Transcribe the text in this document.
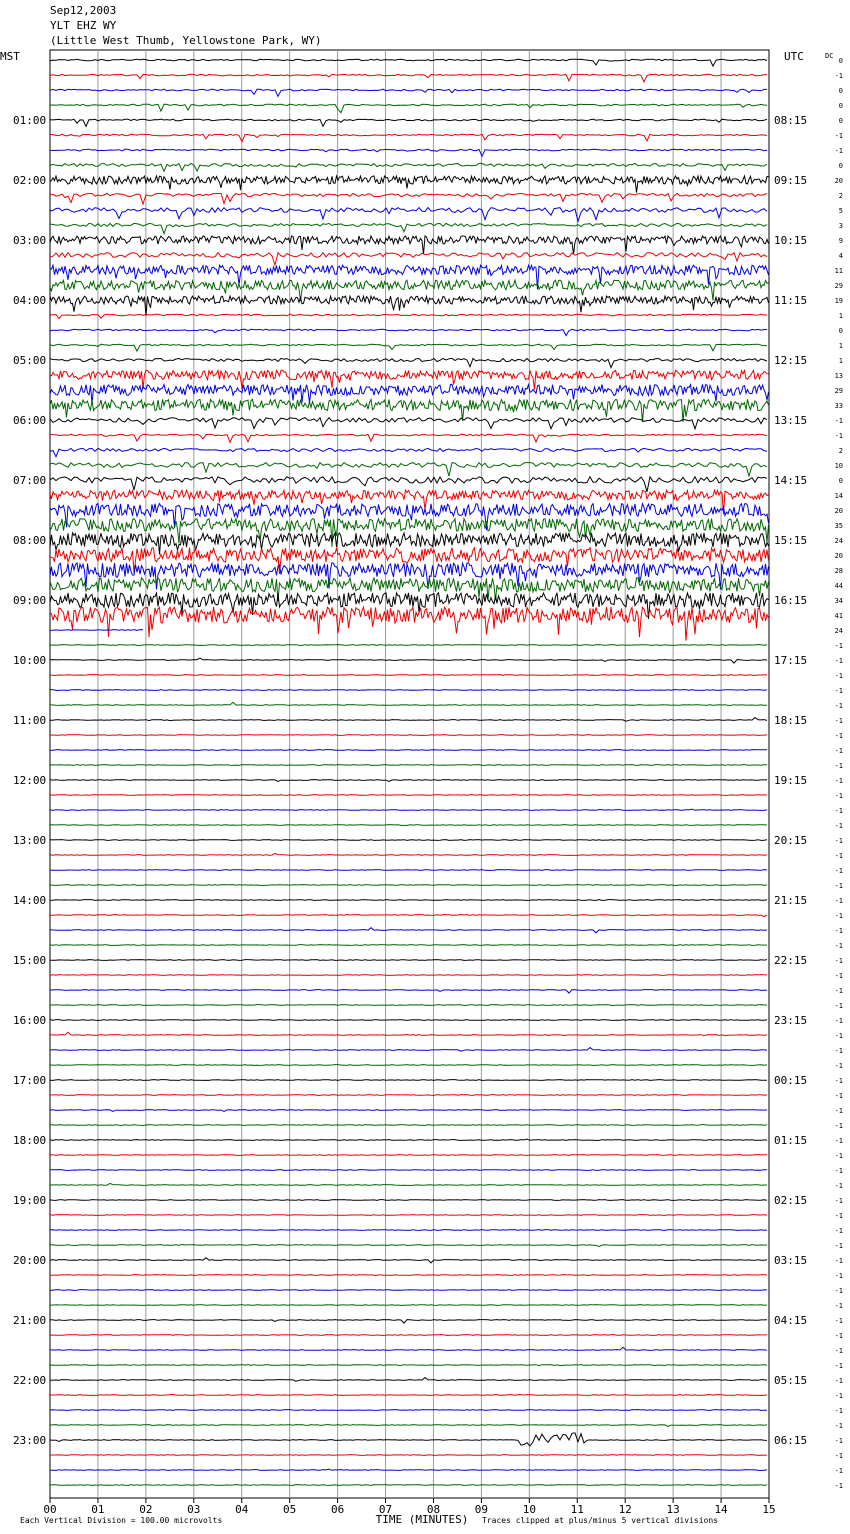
Sep12,2003
YLT EHZ WY
(Little West Thumb, Yellowstone Park, WY)
MST	UTC	DC
01:00
02:00
03:00
04:00
05:00
06:00
07:00
08:00
09:00
10:00
11:00
12:00
13:00
14:00
15:00
16:00
17:00
18:00
19:00
20:00
21:00
22:00
23:00
08:15
09:15
10:15
11:15
12:15
13:15
14:15
15:15
16:15
17:15
18:15
19:15
20:15
21:15
22:15
23:15
00:15
01:15
02:15
03:15
04:15
05:15
06:15
0
-1
0
0
0
-1
-1
0
20
2
5
3
9
4
11
29
19
1
0
1
1
13
29
33
-1
-1
2
10
0
14
20
35
24
20
28
44
34
41
24
-1
-1
-1
-1
-1
-1
-1
-1
-1
-1
-1
-1
-1
-1
-1
-1
-1
-1
-1
-1
-1
-1
-1
-1
-1
-1
-1
-1
-1
-1
-1
-1
-1
-1
-1
-1
-1
-1
-1
-1
-1
-1
-1
-1
-1
-1
-1
-1
-1
-1
-1
-1
-1
-1
-1
-1
-1
00	01	02	03	04	05	06	07	08	09	10	11	12	13	14	15
TIME (MINUTES)
Each Vertical Division = 100.00 microvolts	Traces clipped at plus/minus 5 vertical divisions
